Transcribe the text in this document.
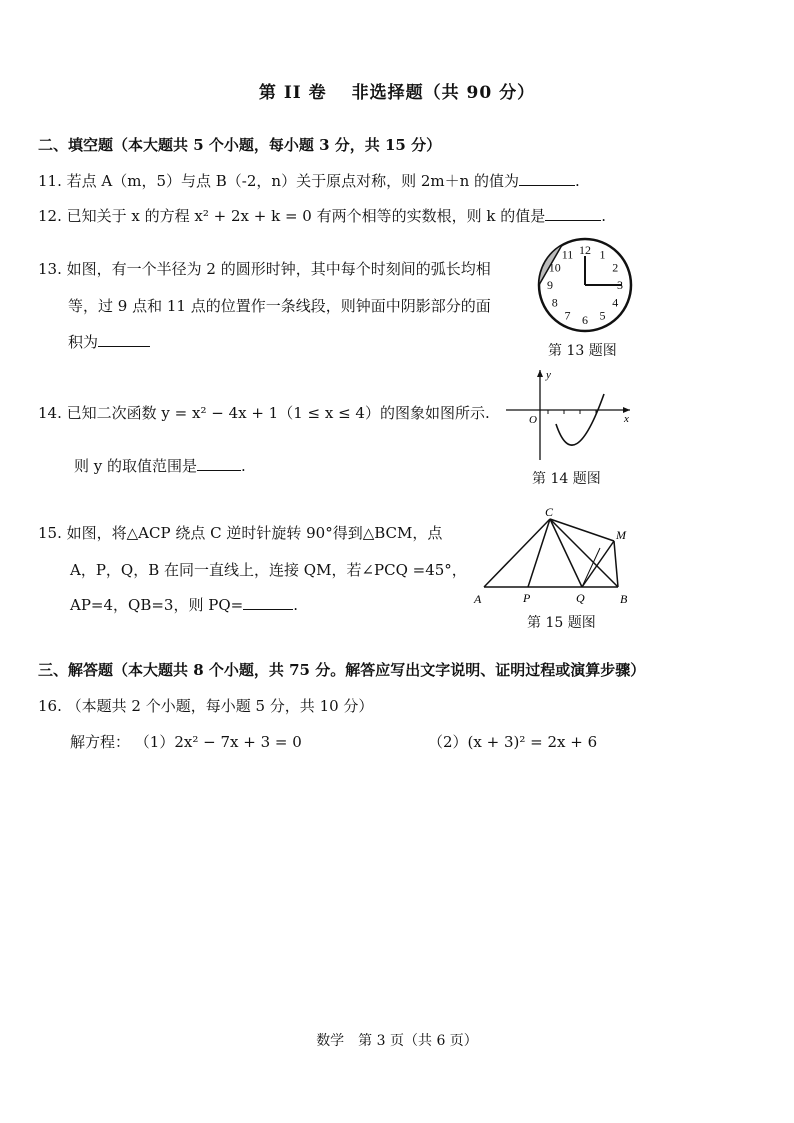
第 II 卷　 非选择题（共 90 分）
二、填空题（本大题共 5 个小题，每小题 3 分，共 15 分）
11. 若点 A（m，5）与点 B（-2，n）关于原点对称，则 2m＋n 的值为	.
12. 已知关于 x 的方程 x² + 2x + k = 0 有两个相等的实数根，则 k 的值是	.
13. 如图，有一个半径为 2 的圆形时钟，其中每个时刻间的弧长均相
等，过 9 点和 11 点的位置作一条线段，则钟面中阴影部分的面
积为
12 1
2
3
4
5
6
7
8
9
10
11
第 13 题图
14. 已知二次函数 y = x² − 4x + 1（1 ≤ x ≤ 4）的图象如图所示.
则 y 的取值范围是	.
y
x
O
第 14 题图
15. 如图，将△ACP 绕点 C 逆时针旋转 90°得到△BCM，点
A，P，Q，B 在同一直线上，连接 QM，若∠PCQ =45°，
AP=4，QB=3，则 PQ=	.	A	P	Q	B
C
M
第 15 题图
三、解答题（本大题共 8 个小题，共 75 分。解答应写出文字说明、证明过程或演算步骤）
16. （本题共 2 个小题，每小题 5 分，共 10 分）
解方程： （1）2x² − 7x + 3 = 0	（2）(x + 3)² = 2x + 6
数学　第 3 页（共 6 页）
